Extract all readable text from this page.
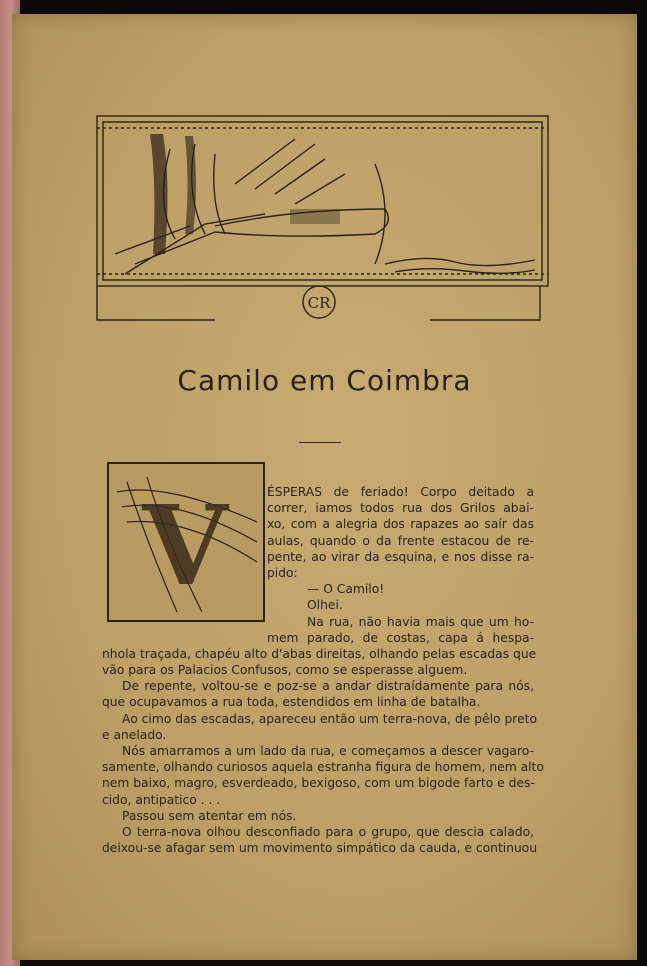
CR
Camilo em Coimbra
V	ÉSPERAS de feriado! Corpo deitado a
correr, iamos todos rua dos Grilos abai-
xo, com a alegria dos rapazes ao saír das
aulas, quando o da frente estacou de re-
pente, ao virar da esquina, e nos disse ra-
pido:
— O Camilo!
Olhei.
Na rua, não havia mais que um ho-
mem parado, de costas, capa á hespa-
nhola traçada, chapéu alto d'abas direitas, olhando pelas escadas que
vão para os Palacios Confusos, como se esperasse alguem.
De repente, voltou-se e poz-se a andar distraídamente para nós,
que ocupavamos a rua toda, estendidos em linha de batalha.
Ao cimo das escadas, apareceu então um terra-nova, de pêlo preto
e anelado.
Nós amarramos a um lado da rua, e começamos a descer vagaro-
samente, olhando curiosos aquela estranha figura de homem, nem alto
nem baixo, magro, esverdeado, bexigoso, com um bigode farto e des-
cido, antipatico . . .
Passou sem atentar em nós.
O terra-nova olhou desconfiado para o grupo, que descia calado,
deixou-se afagar sem um movimento simpático da cauda, e continuou
